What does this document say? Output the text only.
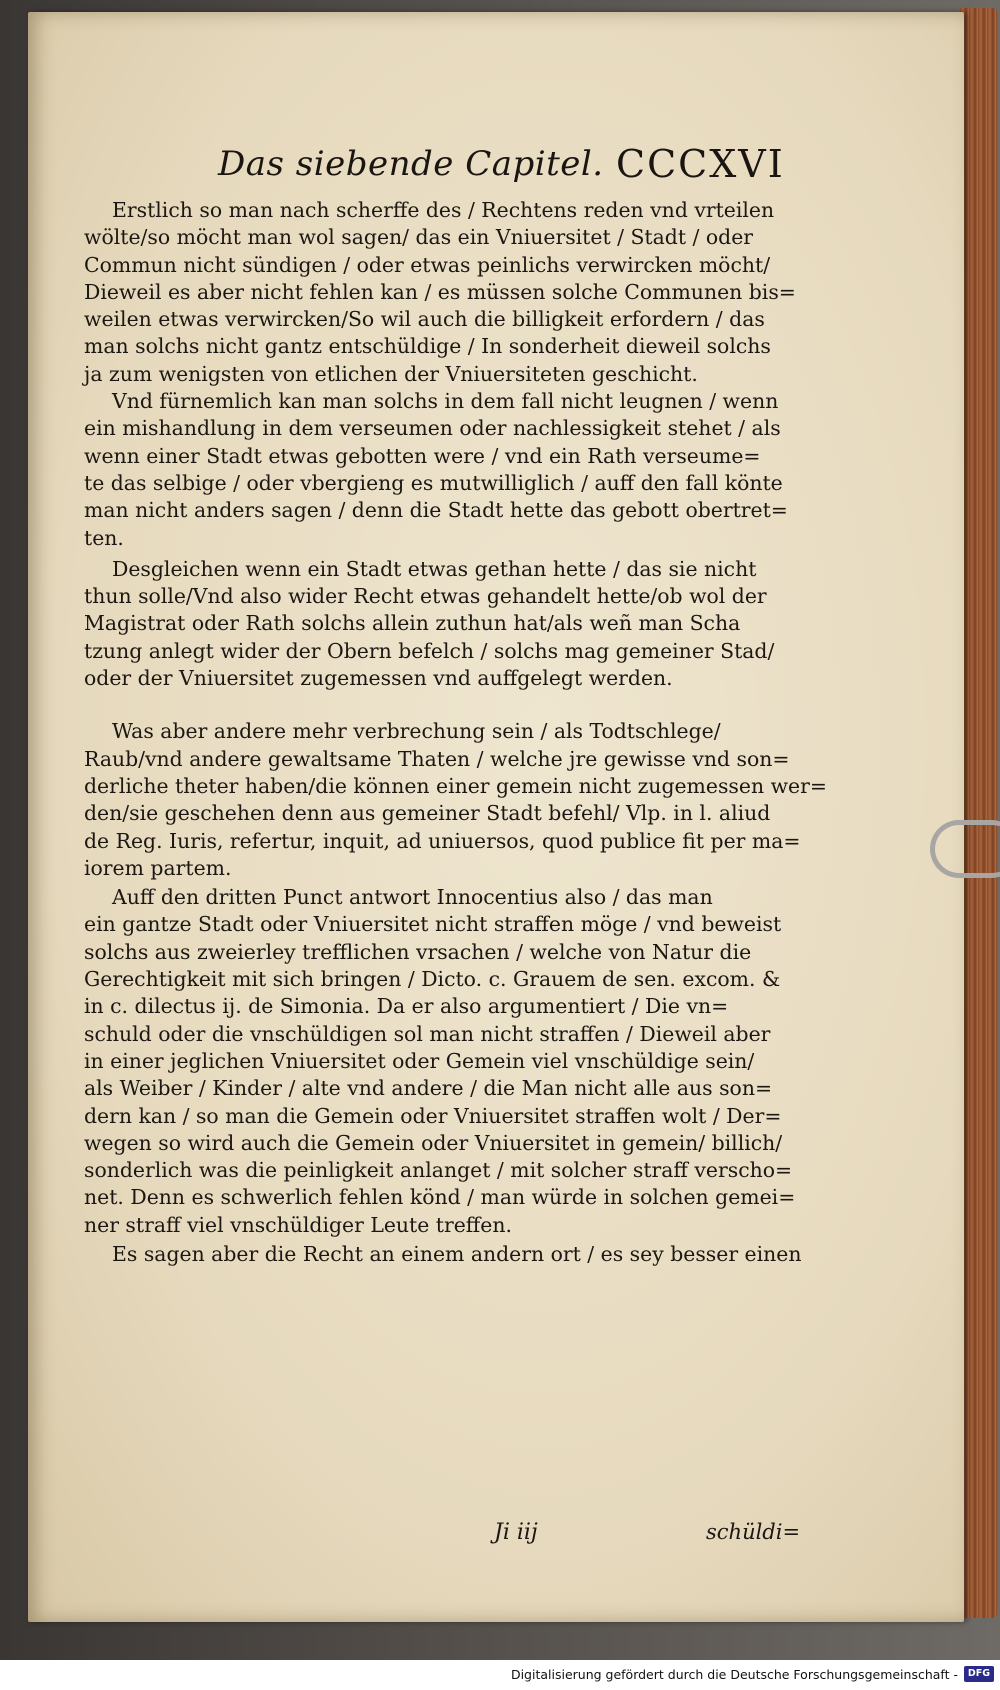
Das siebende Capitel. CCCXVI

Erstlich so man nach scherffe des / Rechtens reden vnd vrteilen
wölte/so möcht man wol sagen/ das ein Vniuersitet / Stadt / oder
Commun nicht sündigen / oder etwas peinlichs verwircken möcht/
Dieweil es aber nicht fehlen kan / es müssen solche Communen bis=
weilen etwas verwircken/So wil auch die billigkeit erfordern / das
man solchs nicht gantz entschüldige / In sonderheit dieweil solchs
ja zum wenigsten von etlichen der Vniuersiteten geschicht.

Vnd fürnemlich kan man solchs in dem fall nicht leugnen / wenn
ein mishandlung in dem verseumen oder nachlessigkeit stehet / als
wenn einer Stadt etwas gebotten were / vnd ein Rath verseume=
te das selbige / oder vbergieng es mutwilliglich / auff den fall könte
man nicht anders sagen / denn die Stadt hette das gebott obertret=
ten.

Desgleichen wenn ein Stadt etwas gethan hette / das sie nicht
thun solle/Vnd also wider Recht etwas gehandelt hette/ob wol der
Magistrat oder Rath solchs allein zuthun hat/als weñ man Scha
tzung anlegt wider der Obern befelch / solchs mag gemeiner Stad/
oder der Vniuersitet zugemessen vnd auffgelegt werden.

Was aber andere mehr verbrechung sein / als Todtschlege/
Raub/vnd andere gewaltsame Thaten / welche jre gewisse vnd son=
derliche theter haben/die können einer gemein nicht zugemessen wer=
den/sie geschehen denn aus gemeiner Stadt befehl/ Vlp. in l. aliud
de Reg. Iuris, refertur, inquit, ad uniuersos, quod publice fit per ma=
iorem partem.

Auff den dritten Punct antwort Innocentius also / das man
ein gantze Stadt oder Vniuersitet nicht straffen möge / vnd beweist
solchs aus zweierley trefflichen vrsachen / welche von Natur die
Gerechtigkeit mit sich bringen / Dicto. c. Grauem de sen. excom. &
in c. dilectus ij. de Simonia. Da er also argumentiert / Die vn=
schuld oder die vnschüldigen sol man nicht straffen / Dieweil aber
in einer jeglichen Vniuersitet oder Gemein viel vnschüldige sein/
als Weiber / Kinder / alte vnd andere / die Man nicht alle aus son=
dern kan / so man die Gemein oder Vniuersitet straffen wolt / Der=
wegen so wird auch die Gemein oder Vniuersitet in gemein/ billich/
sonderlich was die peinligkeit anlanget / mit solcher straff verscho=
net. Denn es schwerlich fehlen könd / man würde in solchen gemei=
ner straff viel vnschüldiger Leute treffen.

Es sagen aber die Recht an einem andern ort / es sey besser einen

Ji iij	schüldi=
Digitalisierung gefördert durch die Deutsche Forschungsgemeinschaft -	DFG
